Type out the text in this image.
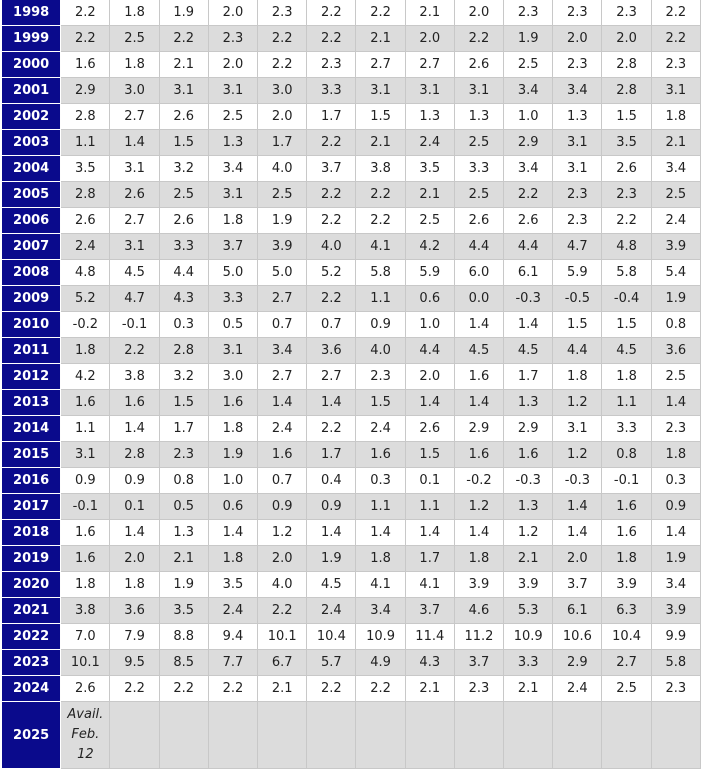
1998	2.2	1.8	1.9	2.0	2.3	2.2	2.2	2.1	2.0	2.3	2.3	2.3	2.2
1999	2.2	2.5	2.2	2.3	2.2	2.2	2.1	2.0	2.2	1.9	2.0	2.0	2.2
2000	1.6	1.8	2.1	2.0	2.2	2.3	2.7	2.7	2.6	2.5	2.3	2.8	2.3
2001	2.9	3.0	3.1	3.1	3.0	3.3	3.1	3.1	3.1	3.4	3.4	2.8	3.1
2002	2.8	2.7	2.6	2.5	2.0	1.7	1.5	1.3	1.3	1.0	1.3	1.5	1.8
2003	1.1	1.4	1.5	1.3	1.7	2.2	2.1	2.4	2.5	2.9	3.1	3.5	2.1
2004	3.5	3.1	3.2	3.4	4.0	3.7	3.8	3.5	3.3	3.4	3.1	2.6	3.4
2005	2.8	2.6	2.5	3.1	2.5	2.2	2.2	2.1	2.5	2.2	2.3	2.3	2.5
2006	2.6	2.7	2.6	1.8	1.9	2.2	2.2	2.5	2.6	2.6	2.3	2.2	2.4
2007	2.4	3.1	3.3	3.7	3.9	4.0	4.1	4.2	4.4	4.4	4.7	4.8	3.9
2008	4.8	4.5	4.4	5.0	5.0	5.2	5.8	5.9	6.0	6.1	5.9	5.8	5.4
2009	5.2	4.7	4.3	3.3	2.7	2.2	1.1	0.6	0.0	-0.3	-0.5	-0.4	1.9
2010	-0.2	-0.1	0.3	0.5	0.7	0.7	0.9	1.0	1.4	1.4	1.5	1.5	0.8
2011	1.8	2.2	2.8	3.1	3.4	3.6	4.0	4.4	4.5	4.5	4.4	4.5	3.6
2012	4.2	3.8	3.2	3.0	2.7	2.7	2.3	2.0	1.6	1.7	1.8	1.8	2.5
2013	1.6	1.6	1.5	1.6	1.4	1.4	1.5	1.4	1.4	1.3	1.2	1.1	1.4
2014	1.1	1.4	1.7	1.8	2.4	2.2	2.4	2.6	2.9	2.9	3.1	3.3	2.3
2015	3.1	2.8	2.3	1.9	1.6	1.7	1.6	1.5	1.6	1.6	1.2	0.8	1.8
2016	0.9	0.9	0.8	1.0	0.7	0.4	0.3	0.1	-0.2	-0.3	-0.3	-0.1	0.3
2017	-0.1	0.1	0.5	0.6	0.9	0.9	1.1	1.1	1.2	1.3	1.4	1.6	0.9
2018	1.6	1.4	1.3	1.4	1.2	1.4	1.4	1.4	1.4	1.2	1.4	1.6	1.4
2019	1.6	2.0	2.1	1.8	2.0	1.9	1.8	1.7	1.8	2.1	2.0	1.8	1.9
2020	1.8	1.8	1.9	3.5	4.0	4.5	4.1	4.1	3.9	3.9	3.7	3.9	3.4
2021	3.8	3.6	3.5	2.4	2.2	2.4	3.4	3.7	4.6	5.3	6.1	6.3	3.9
2022	7.0	7.9	8.8	9.4	10.1	10.4	10.9	11.4	11.2	10.9	10.6	10.4	9.9
2023	10.1	9.5	8.5	7.7	6.7	5.7	4.9	4.3	3.7	3.3	2.9	2.7	5.8
2024	2.6	2.2	2.2	2.2	2.1	2.2	2.2	2.1	2.3	2.1	2.4	2.5	2.3
2025	Avail.
Feb.
12												
